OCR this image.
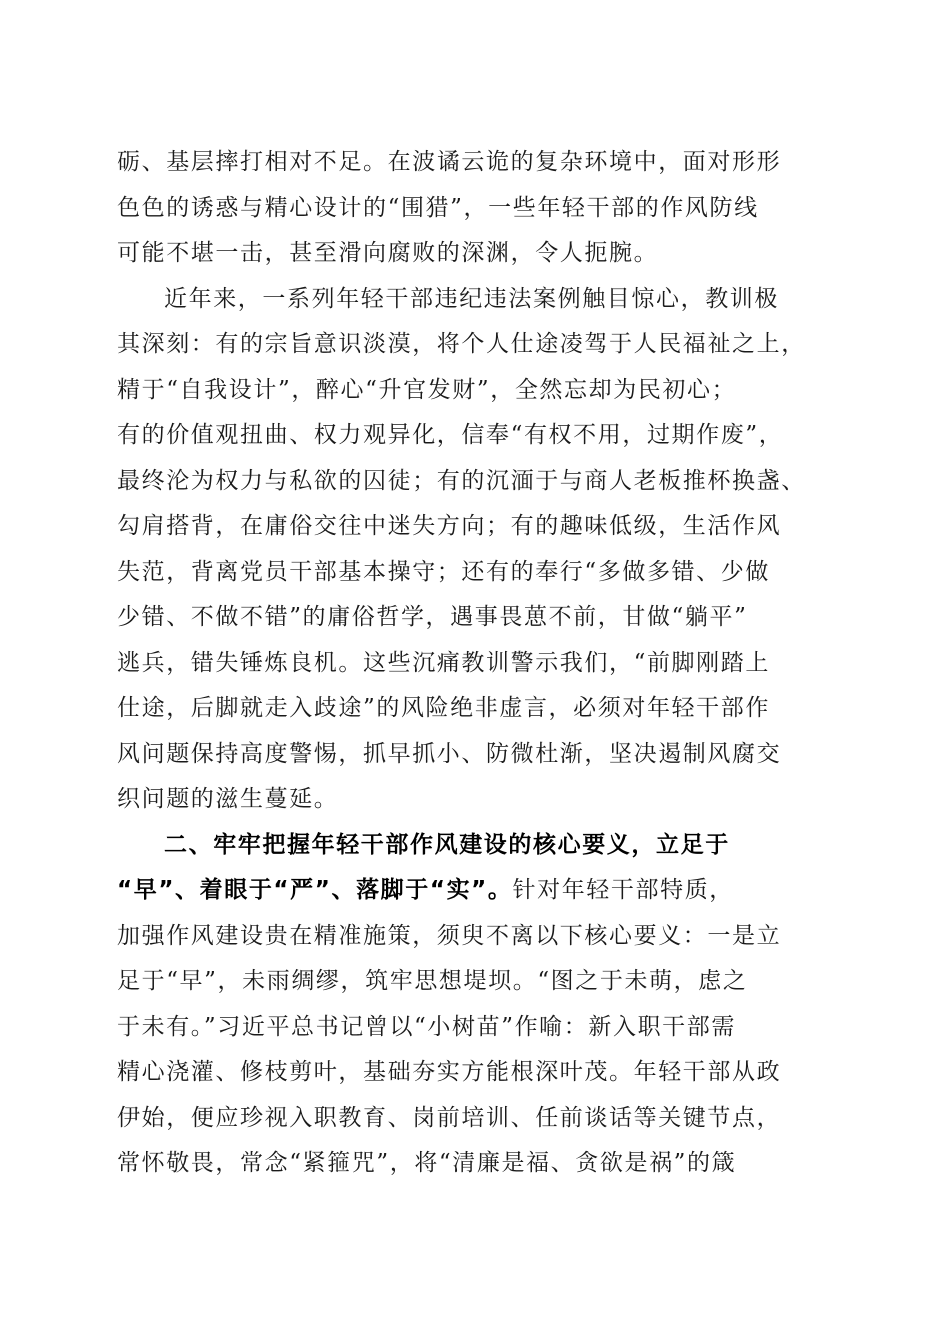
砺、基层摔打相对不足。在波谲云诡的复杂环境中，面对形形
色色的诱惑与精心设计的“围猎”，一些年轻干部的作风防线
可能不堪一击，甚至滑向腐败的深渊，令人扼腕。
近年来，一系列年轻干部违纪违法案例触目惊心，教训极
其深刻：有的宗旨意识淡漠，将个人仕途凌驾于人民福祉之上，
精于“自我设计”，醉心“升官发财”，全然忘却为民初心；
有的价值观扭曲、权力观异化，信奉“有权不用，过期作废”，
最终沦为权力与私欲的囚徒；有的沉湎于与商人老板推杯换盏、
勾肩搭背，在庸俗交往中迷失方向；有的趣味低级，生活作风
失范，背离党员干部基本操守；还有的奉行“多做多错、少做
少错、不做不错”的庸俗哲学，遇事畏葸不前，甘做“躺平”
逃兵，错失锤炼良机。这些沉痛教训警示我们，“前脚刚踏上
仕途，后脚就走入歧途”的风险绝非虚言，必须对年轻干部作
风问题保持高度警惕，抓早抓小、防微杜渐，坚决遏制风腐交
织问题的滋生蔓延。
二、牢牢把握年轻干部作风建设的核心要义，立足于
“早”、着眼于“严”、落脚于“实”。针对年轻干部特质，
加强作风建设贵在精准施策，须臾不离以下核心要义：一是立
足于“早”，未雨绸缪，筑牢思想堤坝。“图之于未萌，虑之
于未有。”习近平总书记曾以“小树苗”作喻：新入职干部需
精心浇灌、修枝剪叶，基础夯实方能根深叶茂。年轻干部从政
伊始，便应珍视入职教育、岗前培训、任前谈话等关键节点，
常怀敬畏，常念“紧箍咒”，将“清廉是福、贪欲是祸”的箴
